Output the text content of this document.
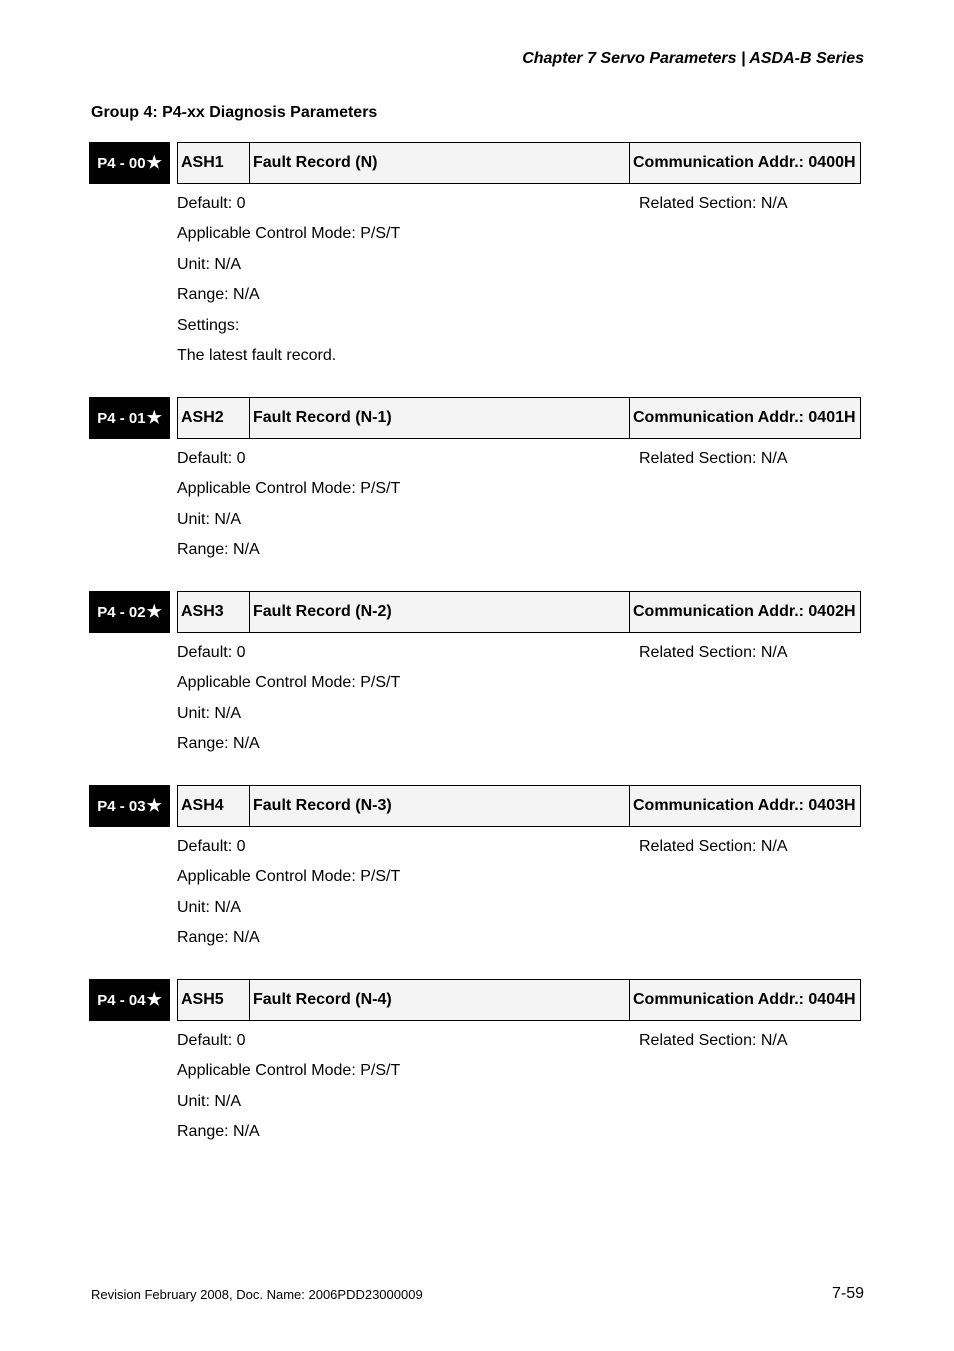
Chapter 7 Servo Parameters | ASDA-B Series
Group 4: P4-xx Diagnosis Parameters
P4 - 00 ★ ASH1	Fault Record (N)	Communication Addr.: 0400H
Default: 0	Related Section: N/A
Applicable Control Mode: P/S/T
Unit: N/A
Range: N/A
Settings:
The latest fault record.
P4 - 01 ★ ASH2	Fault Record (N-1)	Communication Addr.: 0401H
Default: 0	Related Section: N/A
Applicable Control Mode: P/S/T
Unit: N/A
Range: N/A
P4 - 02 ★ ASH3	Fault Record (N-2)	Communication Addr.: 0402H
Default: 0	Related Section: N/A
Applicable Control Mode: P/S/T
Unit: N/A
Range: N/A
P4 - 03 ★ ASH4	Fault Record (N-3)	Communication Addr.: 0403H
Default: 0	Related Section: N/A
Applicable Control Mode: P/S/T
Unit: N/A
Range: N/A
P4 - 04 ★ ASH5	Fault Record (N-4)	Communication Addr.: 0404H
Default: 0	Related Section: N/A
Applicable Control Mode: P/S/T
Unit: N/A
Range: N/A
Revision February 2008, Doc. Name: 2006PDD23000009	7-59
